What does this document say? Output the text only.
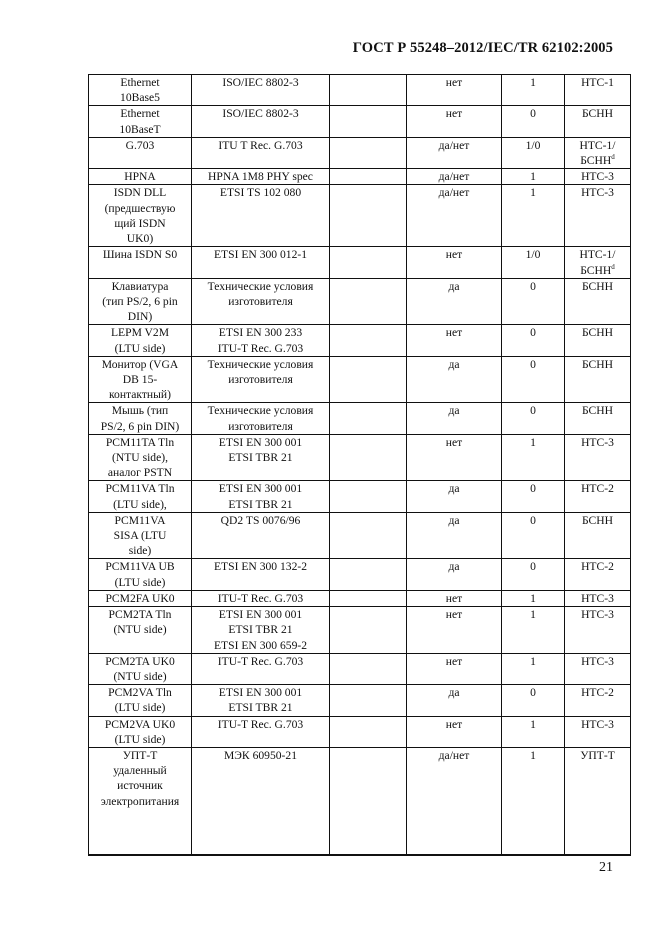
ГОСТ Р 55248–2012/IEC/TR 62102:2005
Ethernet
10Base5	ISO/IEC 8802-3		нет	1	НТС-1
Ethernet
10BaseT	ISO/IEC 8802-3		нет	0	БСНН
G.703	ITU T Rec. G.703		да/нет	1/0	НТС-1/
БСНН$^d$
HPNA	HPNA 1M8 PHY spec		да/нет	1	НТС-3
ISDN DLL
(предшествую
щий ISDN
UK0)	ETSI TS 102 080		да/нет	1	НТС-3
Шина ISDN S0	ETSI EN 300 012-1		нет	1/0	НТС-1/
БСНН$^d$
Клавиатура
(тип PS/2, 6 pin
DIN)	Технические условия
изготовителя		да	0	БСНН
LEPM V2M
(LTU side)	ETSI EN 300 233
ITU-T Rec. G.703		нет	0	БСНН
Монитор (VGA
DB 15-
контактный)	Технические условия
изготовителя		да	0	БСНН
Мышь (тип
PS/2, 6 pin DIN)	Технические условия
изготовителя		да	0	БСНН
PCM11TA Tln
(NTU side),
аналог PSTN	ETSI EN 300 001
ETSI TBR 21		нет	1	НТС-3
PCM11VA Tln
(LTU side),	ETSI EN 300 001
ETSI TBR 21		да	0	НТС-2
PCM11VA
SISA (LTU
side)	QD2 TS 0076/96		да	0	БСНН
PCM11VA UB
(LTU side)	ETSI EN 300 132-2		да	0	НТС-2
PCM2FA UK0	ITU-T Rec. G.703		нет	1	НТС-3
PCM2TA Tln
(NTU side)	ETSI EN 300 001
ETSI TBR 21
ETSI EN 300 659-2		нет	1	НТС-3
PCM2TA UK0
(NTU side)	ITU-T Rec. G.703		нет	1	НТС-3
PCM2VA Tln
(LTU side)	ETSI EN 300 001
ETSI TBR 21		да	0	НТС-2
PCM2VA UK0
(LTU side)	ITU-T Rec. G.703		нет	1	НТС-3
УПТ-Т
удаленный
источник
электропитания	МЭК 60950-21		да/нет	1	УПТ-Т
21
